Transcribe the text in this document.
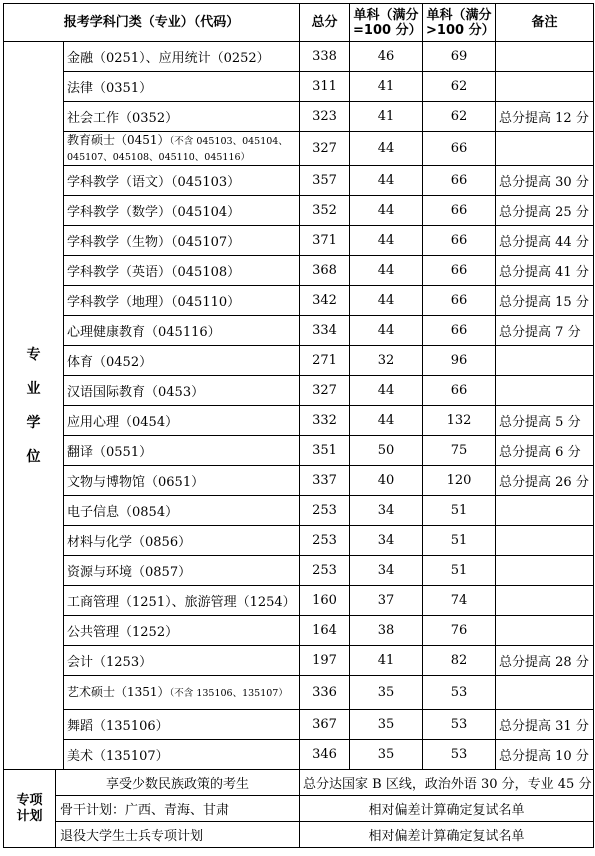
报考学科门类（专业）（代码）			总分	单科（满分=100 分）	单科（满分>100 分）	备注

专
业
学
位		金融（0251）、应用统计（0252）	338	46	69	
		法律（0351）	311	41	62	
		社会工作（0352）	323	41	62	总分提高 12 分
		教育硕士（0451）（不含 045103、045104、045107、045108、045110、045116）	327	44	66	
		学科教学（语文）（045103）	357	44	66	总分提高 30 分
		学科教学（数学）（045104）	352	44	66	总分提高 25 分
		学科教学（生物）（045107）	371	44	66	总分提高 44 分
		学科教学（英语）（045108）	368	44	66	总分提高 41 分
		学科教学（地理）（045110）	342	44	66	总分提高 15 分
		心理健康教育（045116）	334	44	66	总分提高 7 分
		体育（0452）	271	32	96	
		汉语国际教育（0453）	327	44	66	
		应用心理（0454）	332	44	132	总分提高 5 分
		翻译（0551）	351	50	75	总分提高 6 分
		文物与博物馆（0651）	337	40	120	总分提高 26 分
		电子信息（0854）	253	34	51	
		材料与化学（0856）	253	34	51	
		资源与环境（0857）	253	34	51	
		工商管理（1251）、旅游管理（1254）	160	37	74	
		公共管理（1252）	164	38	76	
		会计（1253）	197	41	82	总分提高 28 分
		艺术硕士（1351）（不含 135106、135107）	336	35	53	
		舞蹈（135106）	367	35	53	总分提高 31 分
		美术（135107）	346	35	53	总分提高 10 分

专项
计划	享受少数民族政策的考生		总分达国家 B 区线，政治外语 30 分，专业 45 分			
	骨干计划：广西、青海、甘肃		相对偏差计算确定复试名单			
	退役大学生士兵专项计划		相对偏差计算确定复试名单			
